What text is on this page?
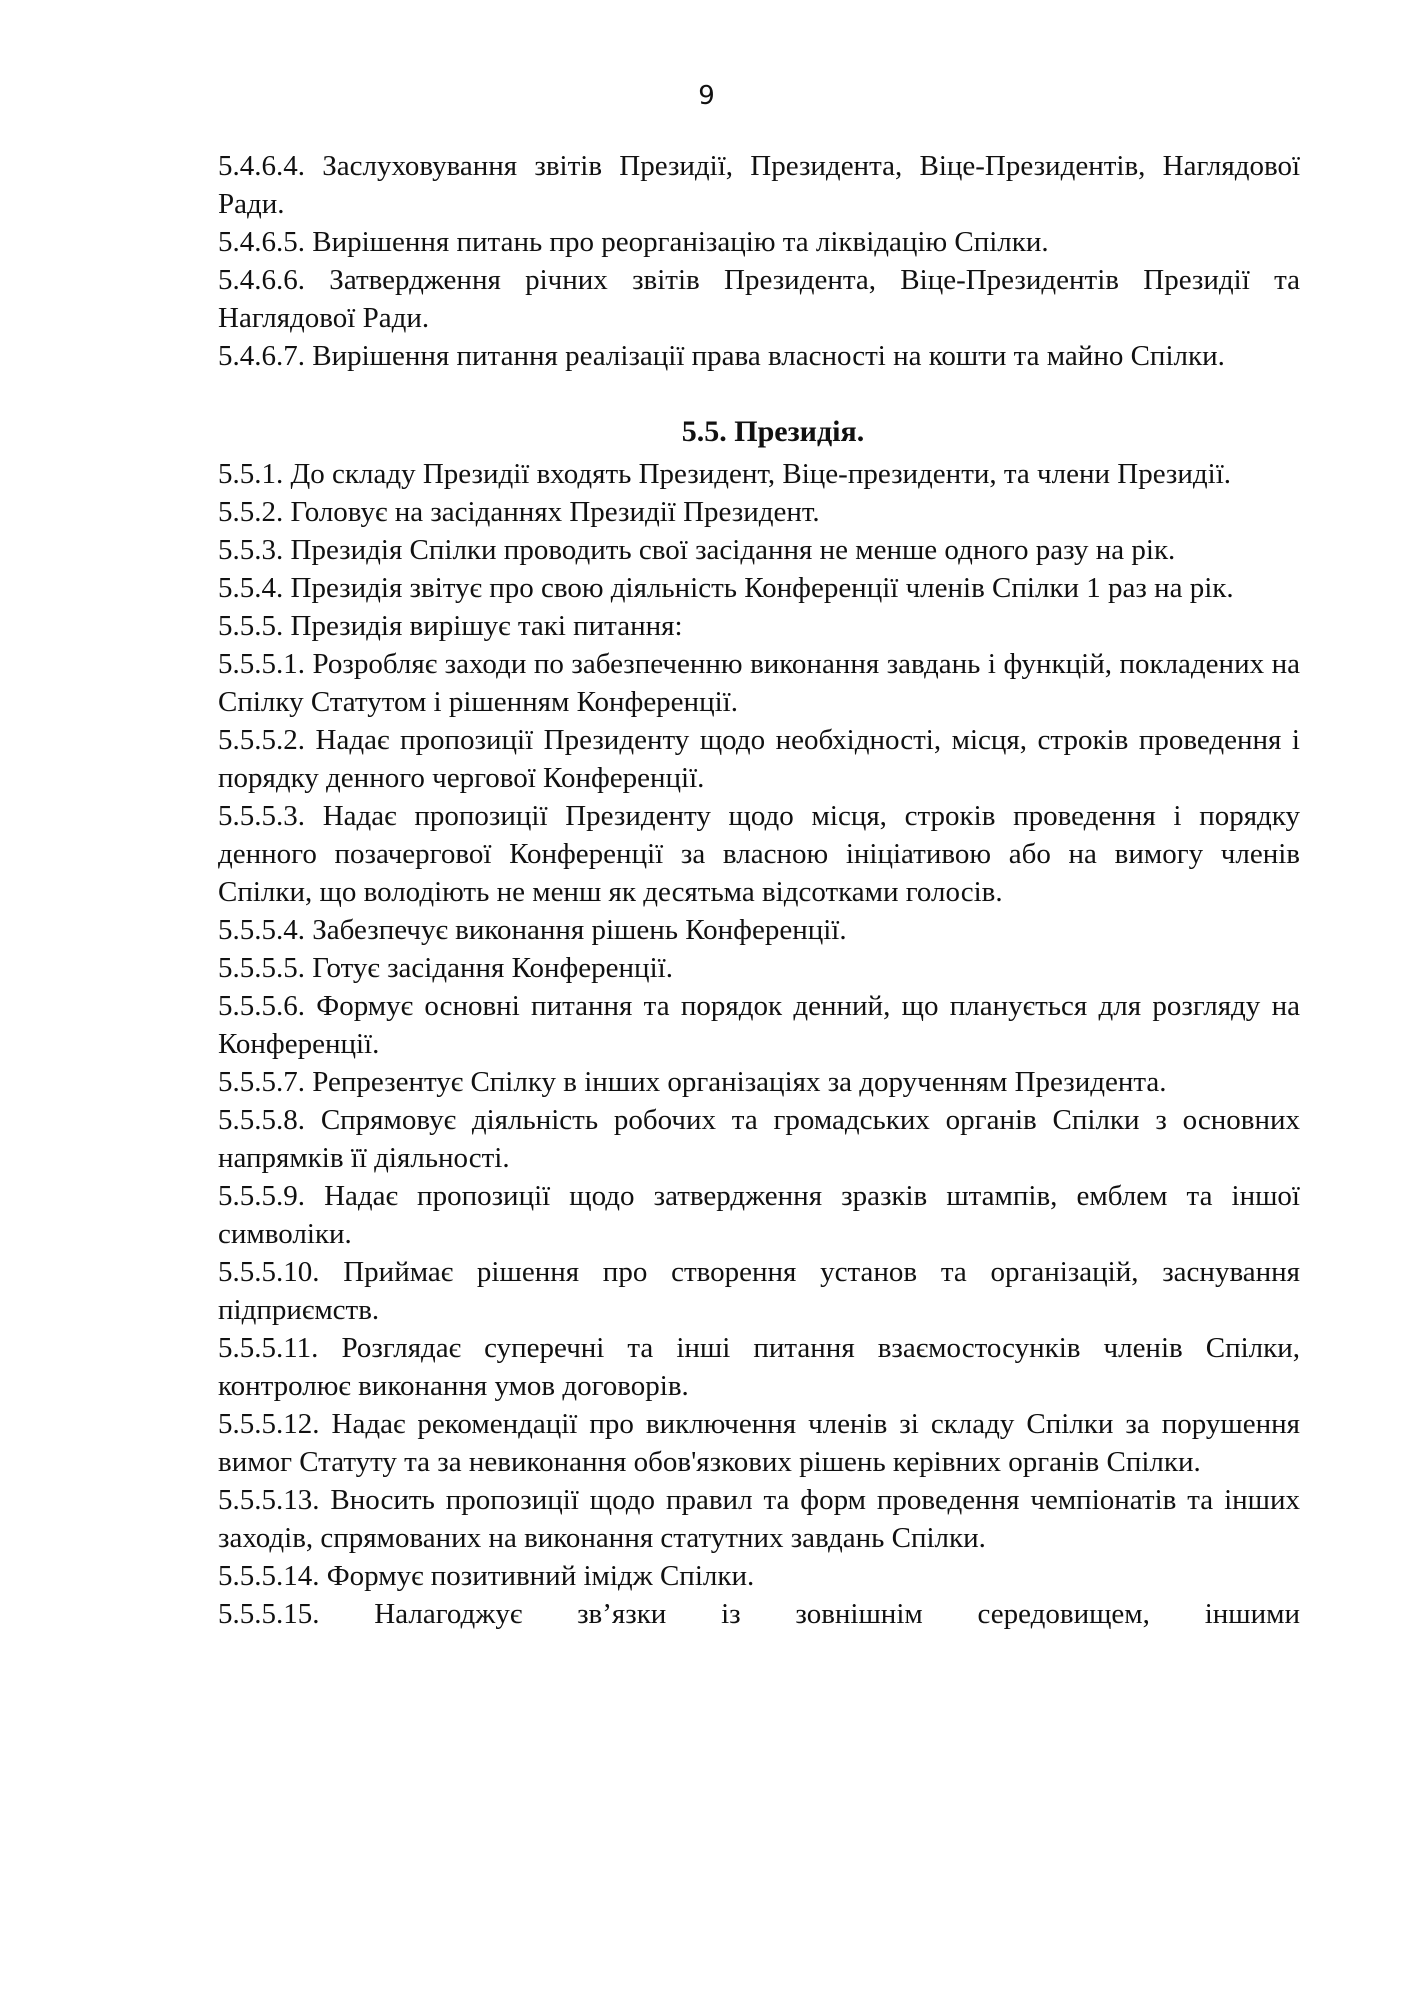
9

5.4.6.4. Заслуховування звітів Президії, Президента, Віце-Президентів, Наглядової Ради.

5.4.6.5. Вирішення питань про реорганізацію та ліквідацію Спілки.

5.4.6.6. Затвердження річних звітів Президента, Віце-Президентів Президії та Наглядової Ради.

5.4.6.7. Вирішення питання реалізації права власності на кошти та майно Спілки.

5.5. Президія.

5.5.1. До складу Президії входять Президент, Віце-президенти, та члени Президії.

5.5.2. Головує на засіданнях Президії Президент.

5.5.3. Президія Спілки проводить свої засідання не менше одного разу на рік.

5.5.4. Президія звітує про свою діяльність Конференції членів Спілки 1 раз на рік.

5.5.5. Президія вирішує такі питання:

5.5.5.1. Розробляє заходи по забезпеченню виконання завдань і функцій, покладених на Спілку Статутом і рішенням Конференції.

5.5.5.2. Надає пропозиції Президенту щодо необхідності, місця, строків проведення і порядку денного чергової Конференції.

5.5.5.3. Надає пропозиції Президенту щодо місця, строків проведення і порядку денного позачергової Конференції за власною ініціативою або на вимогу членів Спілки, що володіють не менш як десятьма відсотками голосів.

5.5.5.4. Забезпечує виконання рішень Конференції.

5.5.5.5. Готує засідання Конференції.

5.5.5.6. Формує основні питання та порядок денний, що планується для розгляду на Конференції.

5.5.5.7. Репрезентує Спілку в інших організаціях за дорученням Президента.

5.5.5.8. Спрямовує діяльність робочих та громадських органів Спілки з основних напрямків її діяльності.

5.5.5.9. Надає пропозиції щодо затвердження зразків штампів, емблем та іншої символіки.

5.5.5.10. Приймає рішення про створення установ та організацій, заснування підприємств.

5.5.5.11. Розглядає суперечні та інші питання взаємостосунків членів Спілки, контролює виконання умов договорів.

5.5.5.12. Надає рекомендації про виключення членів зі складу Спілки за порушення вимог Статуту та за невиконання обов'язкових рішень керівних органів Спілки.

5.5.5.13. Вносить пропозиції щодо правил та форм проведення чемпіонатів та інших заходів, спрямованих на виконання статутних завдань Спілки.

5.5.5.14. Формує позитивний імідж Спілки.

5.5.5.15. Налагоджує зв’язки із зовнішнім середовищем, іншими
